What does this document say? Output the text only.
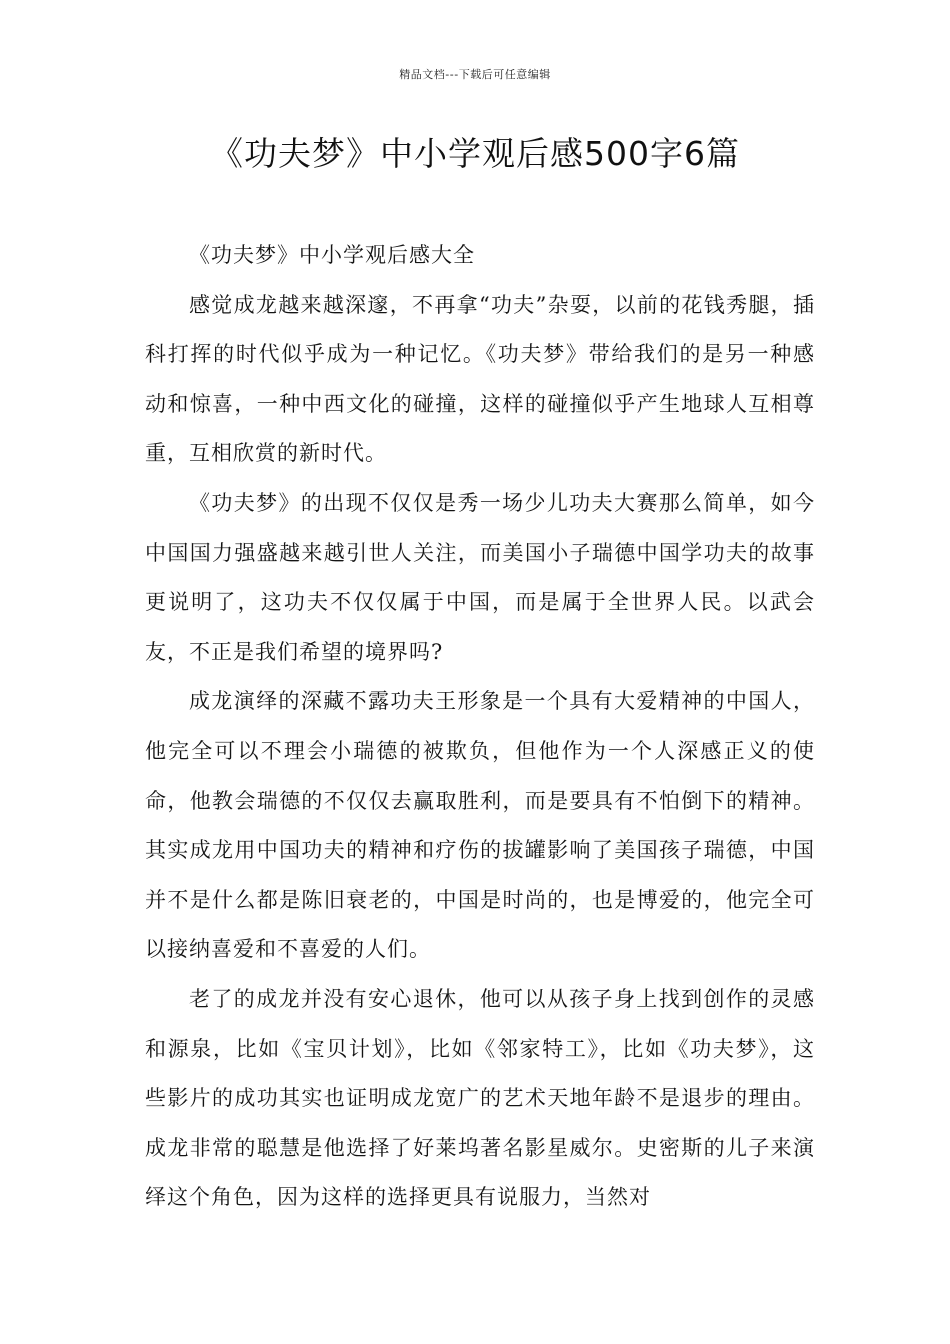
精品文档---下载后可任意编辑
《功夫梦》中小学观后感500字6篇

《功夫梦》中小学观后感大全

感觉成龙越来越深邃，不再拿“功夫”杂耍，以前的花钱秀腿，插科打挥的时代似乎成为一种记忆。《功夫梦》带给我们的是另一种感动和惊喜，一种中西文化的碰撞，这样的碰撞似乎产生地球人互相尊重，互相欣赏的新时代。

《功夫梦》的出现不仅仅是秀一场少儿功夫大赛那么简单，如今中国国力强盛越来越引世人关注，而美国小子瑞德中国学功夫的故事更说明了，这功夫不仅仅属于中国，而是属于全世界人民。以武会友，不正是我们希望的境界吗?

成龙演绎的深藏不露功夫王形象是一个具有大爱精神的中国人，他完全可以不理会小瑞德的被欺负，但他作为一个人深感正义的使命，他教会瑞德的不仅仅去赢取胜利，而是要具有不怕倒下的精神。其实成龙用中国功夫的精神和疗伤的拔罐影响了美国孩子瑞德，中国并不是什么都是陈旧衰老的，中国是时尚的，也是博爱的，他完全可以接纳喜爱和不喜爱的人们。

老了的成龙并没有安心退休，他可以从孩子身上找到创作的灵感和源泉，比如《宝贝计划》，比如《邻家特工》，比如《功夫梦》，这些影片的成功其实也证明成龙宽广的艺术天地年龄不是退步的理由。成龙非常的聪慧是他选择了好莱坞著名影星威尔。史密斯的儿子来演绎这个角色，因为这样的选择更具有说服力，当然对
